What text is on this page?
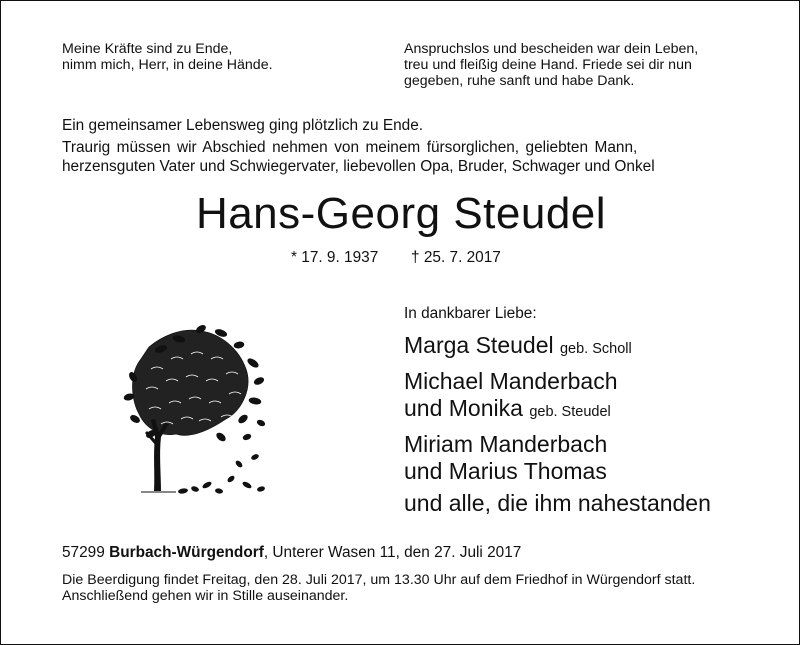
Meine Kräfte sind zu Ende,
nimm mich, Herr, in deine Hände.
Anspruchslos und bescheiden war dein Leben,
treu und fleißig deine Hand. Friede sei dir nun
gegeben, ruhe sanft und habe Dank.
Ein gemeinsamer Lebensweg ging plötzlich zu Ende.
Traurig müssen wir Abschied nehmen von meinem fürsorglichen, geliebten Mann,
herzensguten Vater und Schwiegervater, liebevollen Opa, Bruder, Schwager und Onkel
Hans-Georg Steudel
* 17. 9. 1937 † 25. 7. 2017
In dankbarer Liebe:
Marga Steudel geb. Scholl
Michael Manderbach
und Monika geb. Steudel
Miriam Manderbach
und Marius Thomas
und alle, die ihm nahestanden
57299 Burbach-Würgendorf, Unterer Wasen 11, den 27. Juli 2017
Die Beerdigung findet Freitag, den 28. Juli 2017, um 13.30 Uhr auf dem Friedhof in Würgendorf statt.
Anschließend gehen wir in Stille auseinander.
